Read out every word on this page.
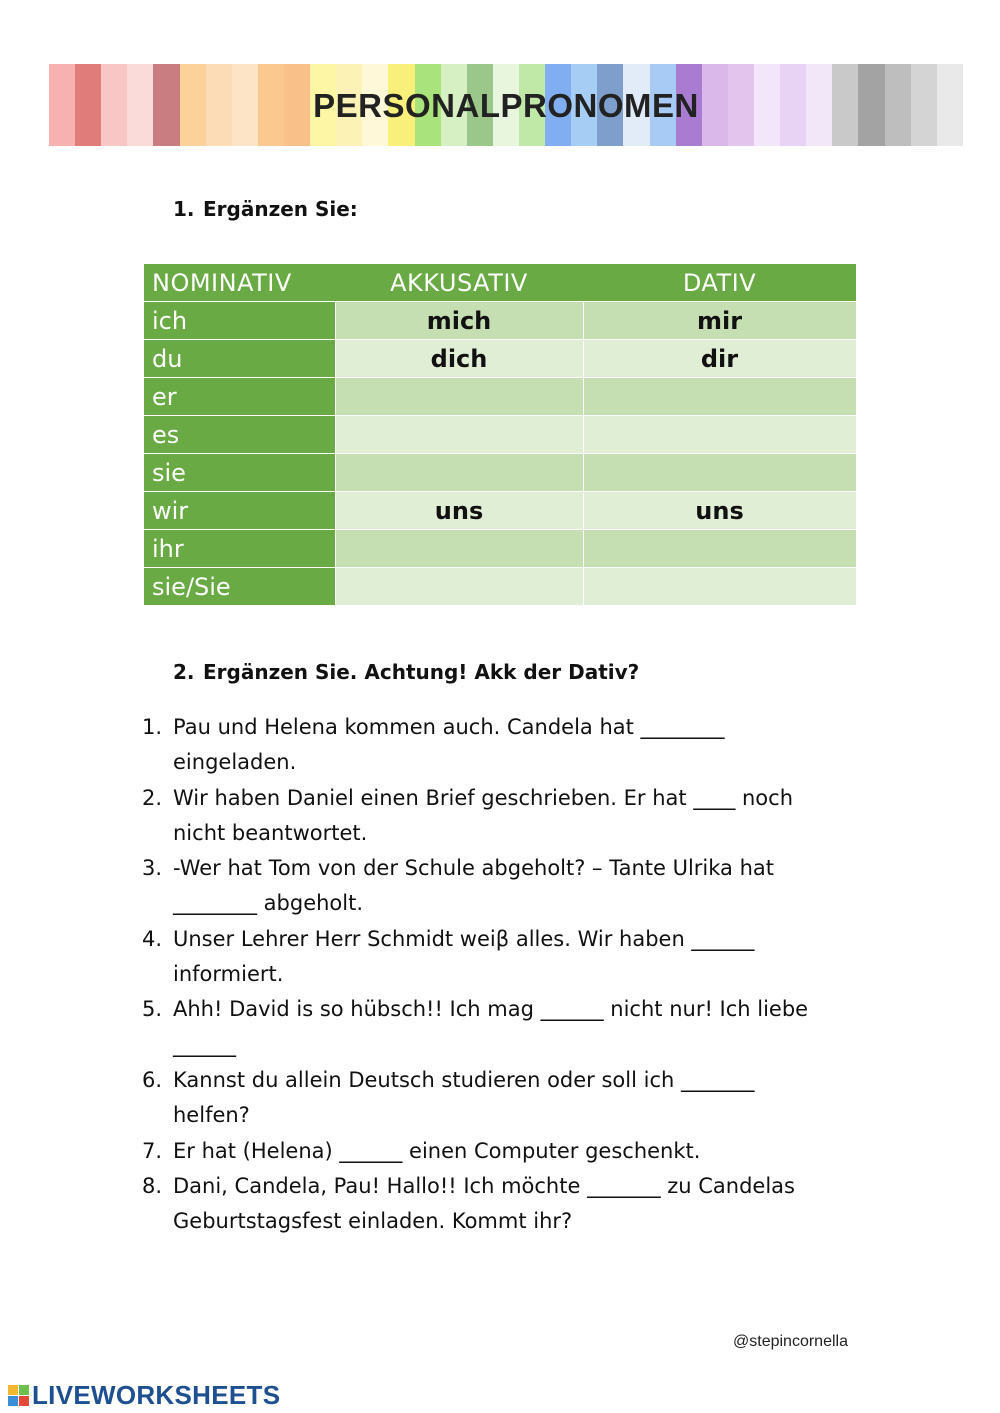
PERSONALPRONOMEN
1. Ergänzen Sie:
NOMINATIV	AKKUSATIV	DATIV
ich	mich	mir
du	dich	dir
er		
es		
sie		
wir	uns	uns
ihr		
sie/Sie		
2. Ergänzen Sie. Achtung! Akk der Dativ?
1. Pau und Helena kommen auch. Candela hat ________
eingeladen.
2. Wir haben Daniel einen Brief geschrieben. Er hat ____ noch
nicht beantwortet.
3. -Wer hat Tom von der Schule abgeholt? – Tante Ulrika hat
________ abgeholt.
4. Unser Lehrer Herr Schmidt weiβ alles. Wir haben ______
informiert.
5. Ahh! David is so hübsch!! Ich mag ______ nicht nur! Ich liebe
______
6. Kannst du allein Deutsch studieren oder soll ich _______
helfen?
7. Er hat (Helena) ______ einen Computer geschenkt.
8. Dani, Candela, Pau! Hallo!! Ich möchte _______ zu Candelas
Geburtstagsfest einladen. Kommt ihr?
@stepincornella
LIVEWORKSHEETS
